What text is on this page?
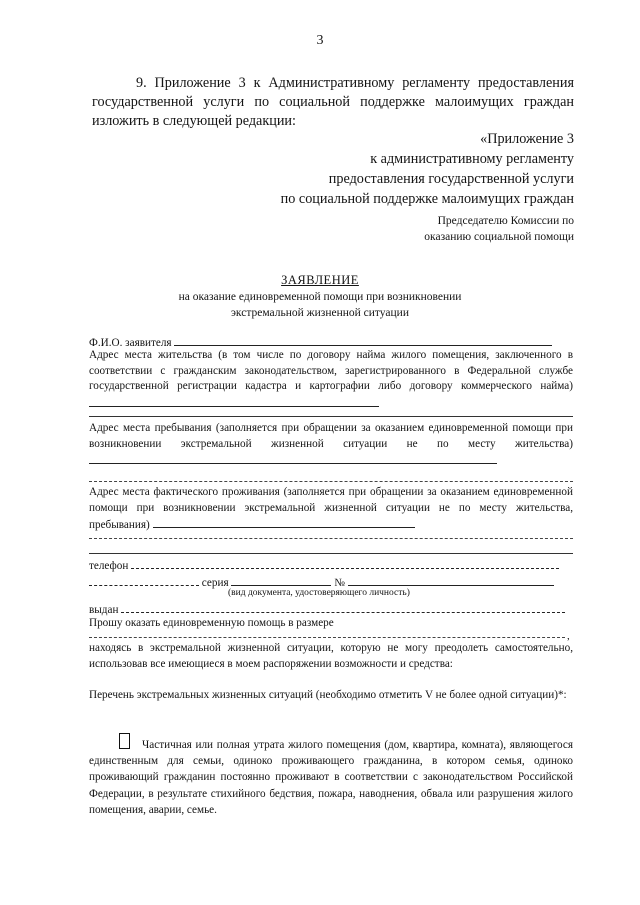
3

9. Приложение 3 к Административному регламенту предоставления государственной услуги по социальной поддержке малоимущих граждан изложить в следующей редакции:

«Приложение 3
к административному регламенту
предоставления государственной услуги
по социальной поддержке малоимущих граждан
Председателю Комиссии по
оказанию социальной помощи
ЗАЯВЛЕНИЕ
на оказание единовременной помощи при возникновении
экстремальной жизненной ситуации
Ф.И.О. заявителя
Адрес места жительства (в том числе по договору найма жилого помещения, заключенного в соответствии с гражданским законодательством, зарегистрированного в Федеральной службе государственной регистрации кадастра и картографии либо договору коммерческого найма)
Адрес места пребывания (заполняется при обращении за оказанием единовременной помощи при возникновении экстремальной жизненной ситуации не по месту жительства)
Адрес места фактического проживания (заполняется при обращении за оказанием единовременной помощи при возникновении экстремальной жизненной ситуации не по месту жительства, пребывания)
телефон
серия	№
(вид документа, удостоверяющего личность)
выдан
Прошу оказать единовременную помощь в размере
,
находясь в экстремальной жизненной ситуации, которую не могу преодолеть самостоятельно, использовав все имеющиеся в моем распоряжении возможности и средства:
Перечень экстремальных жизненных ситуаций (необходимо отметить V не более одной ситуации)*:

Частичная или полная утрата жилого помещения (дом, квартира, комната), являющегося единственным для семьи, одиноко проживающего гражданина, в котором семья, одиноко проживающий гражданин постоянно проживают в соответствии с законодательством Российской Федерации, в результате стихийного бедствия, пожара, наводнения, обвала или разрушения жилого помещения, аварии, семье.
